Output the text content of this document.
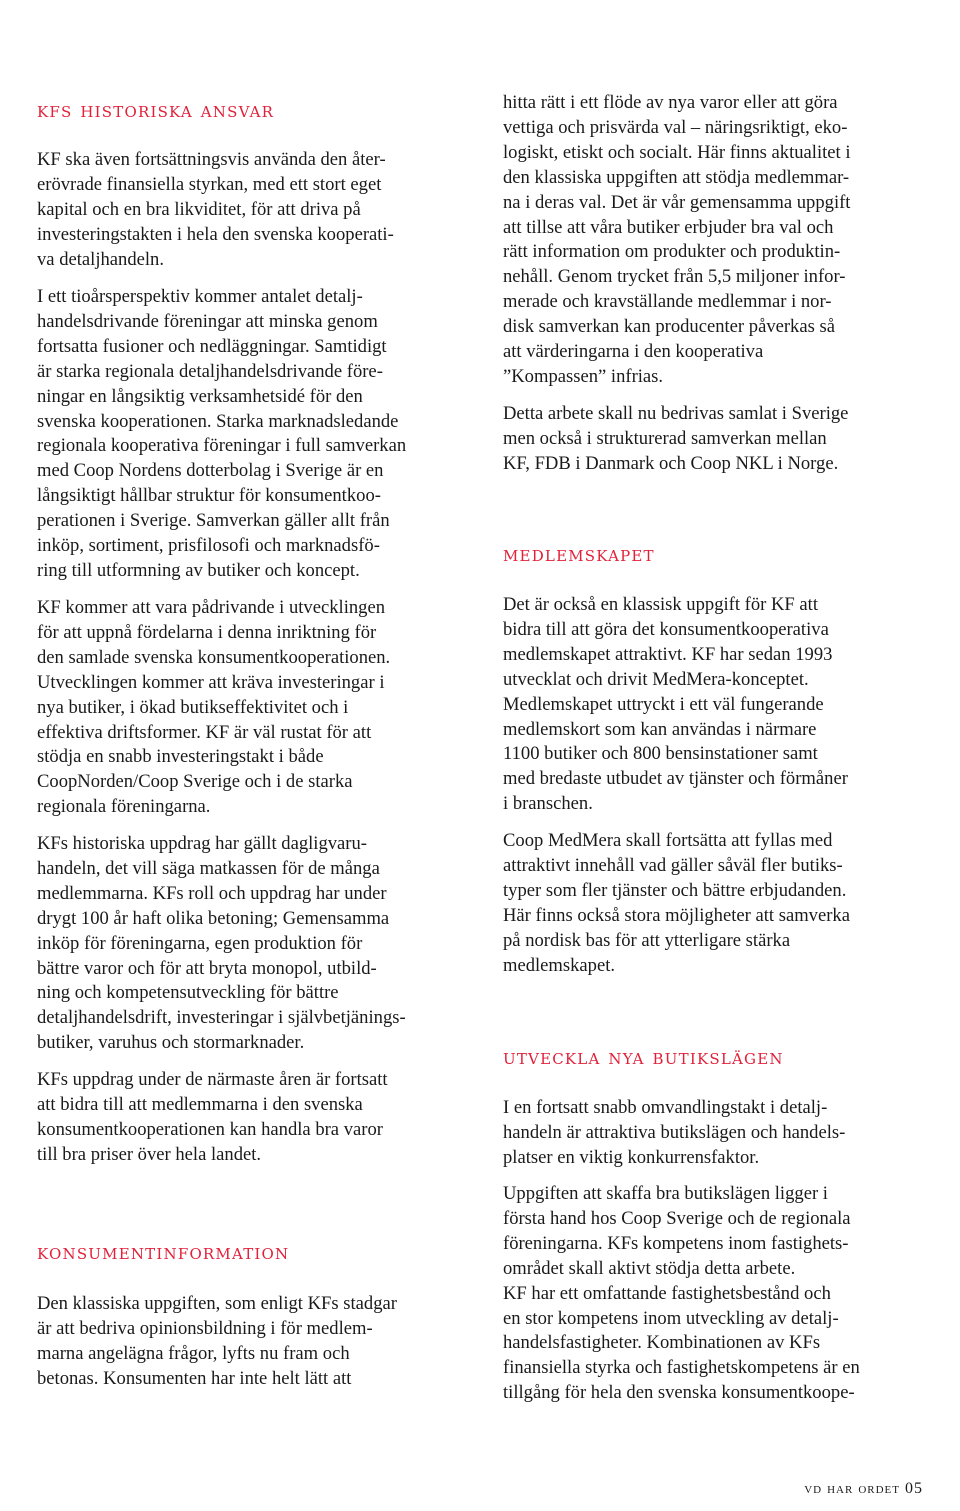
kfs historiska ansvar

KF ska även fortsättningsvis använda den åter-
erövrade finansiella styrkan, med ett stort eget
kapital och en bra likviditet, för att driva på
investeringstakten i hela den svenska kooperati-
va detaljhandeln.

I ett tioårsperspektiv kommer antalet detalj-
handelsdrivande föreningar att minska genom
fortsatta fusioner och nedläggningar. Samtidigt
är starka regionala detaljhandelsdrivande före-
ningar en långsiktig verksamhetsidé för den
svenska kooperationen. Starka marknadsledande
regionala kooperativa föreningar i full samverkan
med Coop Nordens dotterbolag i Sverige är en
långsiktigt hållbar struktur för konsumentkoo-
perationen i Sverige. Samverkan gäller allt från
inköp, sortiment, prisfilosofi och marknadsfö-
ring till utformning av butiker och koncept.

KF kommer att vara pådrivande i utvecklingen
för att uppnå fördelarna i denna inriktning för
den samlade svenska konsumentkooperationen.
Utvecklingen kommer att kräva investeringar i
nya butiker, i ökad butikseffektivitet och i
effektiva driftsformer. KF är väl rustat för att
stödja en snabb investeringstakt i både
CoopNorden/Coop Sverige och i de starka
regionala föreningarna.

KFs historiska uppdrag har gällt dagligvaru-
handeln, det vill säga matkassen för de många
medlemmarna. KFs roll och uppdrag har under
drygt 100 år haft olika betoning; Gemensamma
inköp för föreningarna, egen produktion för
bättre varor och för att bryta monopol, utbild-
ning och kompetensutveckling för bättre
detaljhandelsdrift, investeringar i självbetjänings-
butiker, varuhus och stormarknader.

KFs uppdrag under de närmaste åren är fortsatt
att bidra till att medlemmarna i den svenska
konsumentkooperationen kan handla bra varor
till bra priser över hela landet.

konsumentinformation

Den klassiska uppgiften, som enligt KFs stadgar
är att bedriva opinionsbildning i för medlem-
marna angelägna frågor, lyfts nu fram och
betonas. Konsumenten har inte helt lätt att

hitta rätt i ett flöde av nya varor eller att göra
vettiga och prisvärda val – näringsriktigt, eko-
logiskt, etiskt och socialt. Här finns aktualitet i
den klassiska uppgiften att stödja medlemmar-
na i deras val. Det är vår gemensamma uppgift
att tillse att våra butiker erbjuder bra val och
rätt information om produkter och produktin-
nehåll. Genom trycket från 5,5 miljoner infor-
merade och kravställande medlemmar i nor-
disk samverkan kan producenter påverkas så
att värderingarna i den kooperativa
”Kompassen” infrias.

Detta arbete skall nu bedrivas samlat i Sverige
men också i strukturerad samverkan mellan
KF, FDB i Danmark och Coop NKL i Norge.

medlemskapet

Det är också en klassisk uppgift för KF att
bidra till att göra det konsumentkooperativa
medlemskapet attraktivt. KF har sedan 1993
utvecklat och drivit MedMera-konceptet.
Medlemskapet uttryckt i ett väl fungerande
medlemskort som kan användas i närmare
1100 butiker och 800 bensinstationer samt
med bredaste utbudet av tjänster och förmåner
i branschen.

Coop MedMera skall fortsätta att fyllas med
attraktivt innehåll vad gäller såväl fler butiks-
typer som fler tjänster och bättre erbjudanden.
Här finns också stora möjligheter att samverka
på nordisk bas för att ytterligare stärka
medlemskapet.

utveckla nya butikslägen

I en fortsatt snabb omvandlingstakt i detalj-
handeln är attraktiva butikslägen och handels-
platser en viktig konkurrensfaktor.

Uppgiften att skaffa bra butikslägen ligger i
första hand hos Coop Sverige och de regionala
föreningarna. KFs kompetens inom fastighets-
området skall aktivt stödja detta arbete.
KF har ett omfattande fastighetsbestånd och
en stor kompetens inom utveckling av detalj-
handelsfastigheter. Kombinationen av KFs
finansiella styrka och fastighetskompetens är en
tillgång för hela den svenska konsumentkoope-

vd har ordet 05
